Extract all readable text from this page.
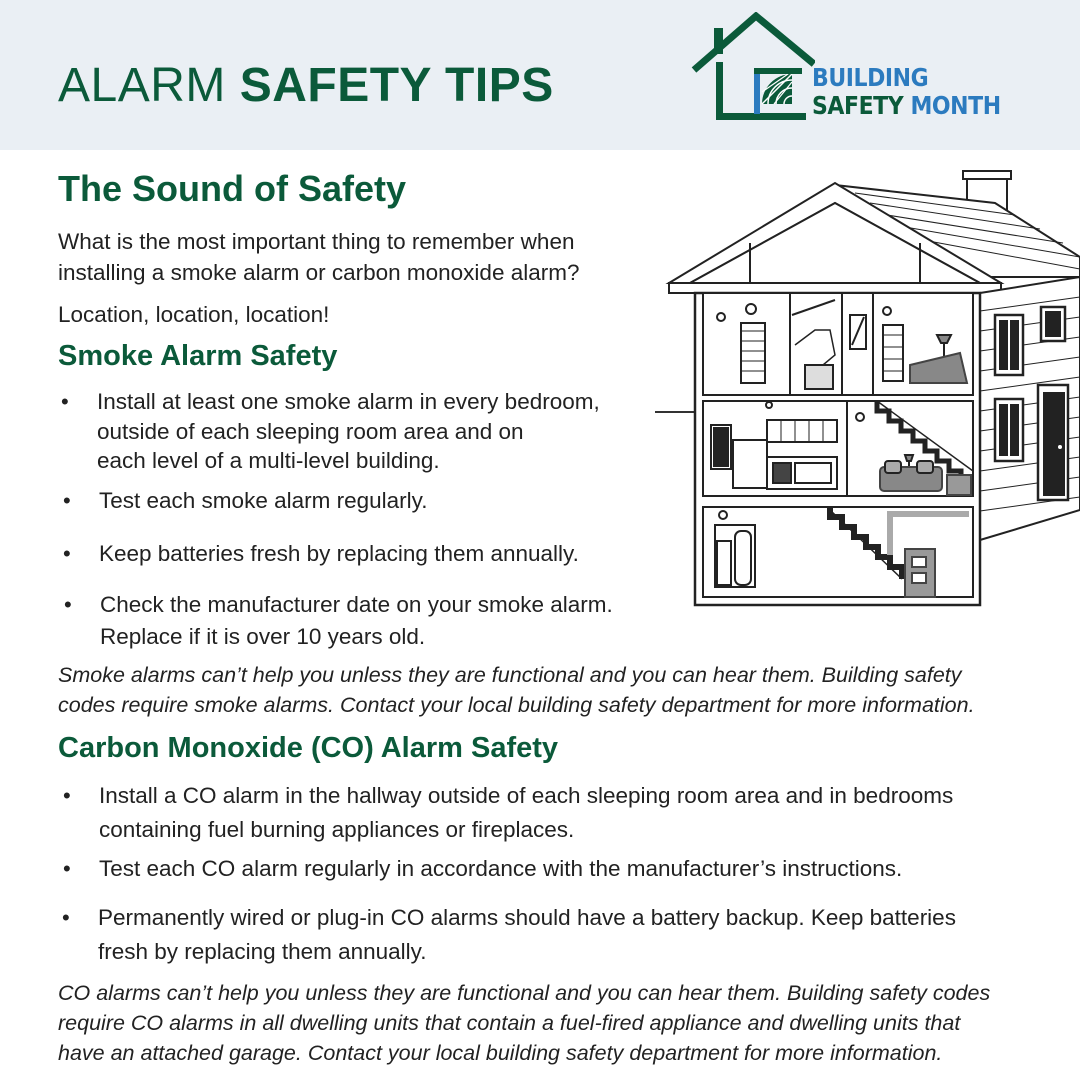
ALARM SAFETY TIPS	BUILDING
SAFETY MONTH
The Sound of Safety
What is the most important thing to remember when
installing a smoke alarm or carbon monoxide alarm?
Location, location, location!
Smoke Alarm Safety
• Install at least one smoke alarm in every bedroom,
outside of each sleeping room area and on
each level of a multi-level building.
• Test each smoke alarm regularly.
• Keep batteries fresh by replacing them annually.
• Check the manufacturer date on your smoke alarm.
Replace if it is over 10 years old.
Smoke alarms can’t help you unless they are functional and you can hear them. Building safety
codes require smoke alarms. Contact your local building safety department for more information.
Carbon Monoxide (CO) Alarm Safety
• Install a CO alarm in the hallway outside of each sleeping room area and in bedrooms
containing fuel burning appliances or fireplaces.
• Test each CO alarm regularly in accordance with the manufacturer’s instructions.
• Permanently wired or plug-in CO alarms should have a battery backup. Keep batteries
fresh by replacing them annually.
CO alarms can’t help you unless they are functional and you can hear them. Building safety codes
require CO alarms in all dwelling units that contain a fuel-fired appliance and dwelling units that
have an attached garage. Contact your local building safety department for more information.
